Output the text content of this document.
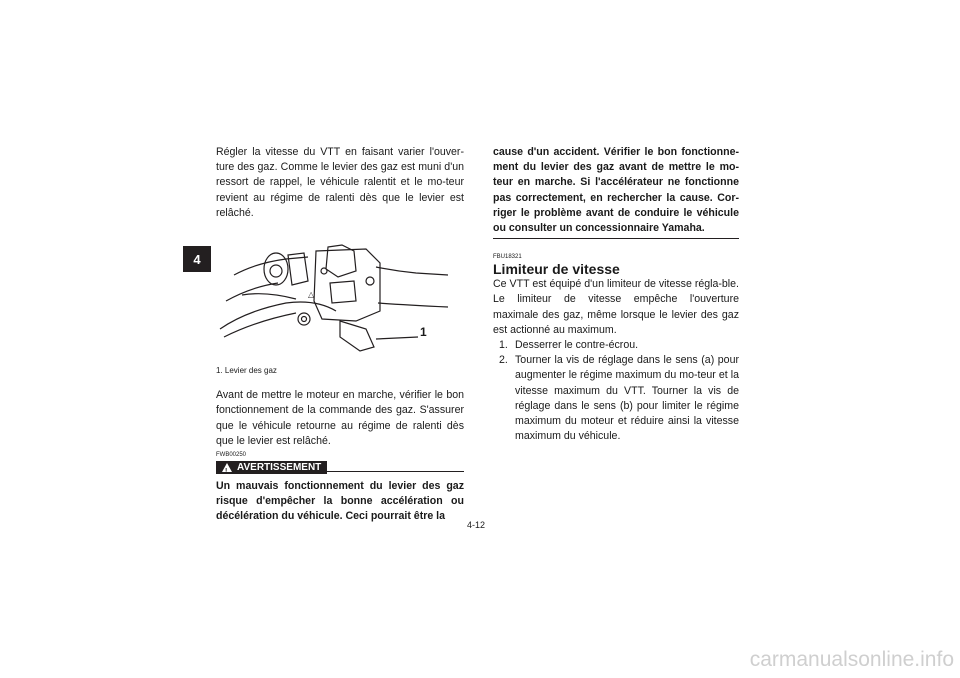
4

Régler la vitesse du VTT en faisant varier l'ouver-ture des gaz. Comme le levier des gaz est muni d'un ressort de rappel, le véhicule ralentit et le mo-teur revient au régime de ralenti dès que le levier est relâché.

△
1
1. Levier des gaz

Avant de mettre le moteur en marche, vérifier le bon fonctionnement de la commande des gaz. S'assurer que le véhicule retourne au régime de ralenti dès que le levier est relâché.

FWB00250
! AVERTISSEMENT

Un mauvais fonctionnement du levier des gaz risque d'empêcher la bonne accélération ou décélération du véhicule. Ceci pourrait être la

cause d'un accident. Vérifier le bon fonctionne-ment du levier des gaz avant de mettre le mo-teur en marche. Si l'accélérateur ne fonctionne pas correctement, en rechercher la cause. Cor-riger le problème avant de conduire le véhicule ou consulter un concessionnaire Yamaha.

FBU18321
Limiteur de vitesse

Ce VTT est équipé d'un limiteur de vitesse régla-ble. Le limiteur de vitesse empêche l'ouverture maximale des gaz, même lorsque le levier des gaz est actionné au maximum.

1. Desserrer le contre-écrou.
2. Tourner la vis de réglage dans le sens (a) pour augmenter le régime maximum du mo-teur et la vitesse maximum du VTT. Tourner la vis de réglage dans le sens (b) pour limiter le régime maximum du moteur et réduire ainsi la vitesse maximum du véhicule.
4-12
carmanualsonline.info
